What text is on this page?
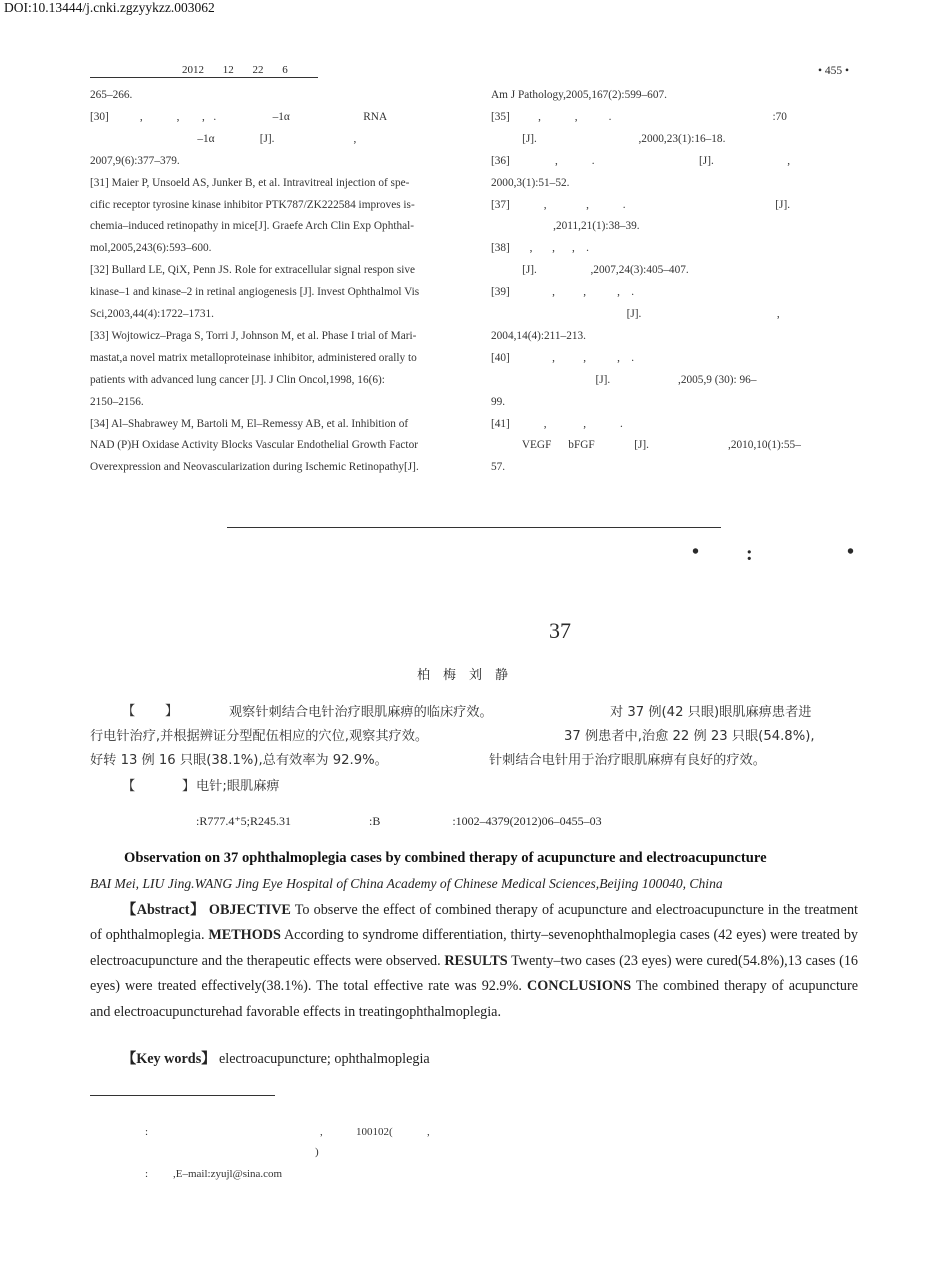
DOI:10.13444/j.cnki.zgzyykzz.003062
2012 12 22 6	• 455 •
265–266.
[30]           ,            ,        ,   .                    –1α                          RNA
–1α                [J].                            ,
2007,9(6):377–379.
[31] Maier P, Unsoeld AS, Junker B, et al. Intravitreal injection of spe-
cific receptor tyrosine kinase inhibitor PTK787/ZK222584 improves is-
chemia–induced retinopathy in mice[J]. Graefe Arch Clin Exp Ophthal-
mol,2005,243(6):593–600.
[32] Bullard LE, QiX, Penn JS. Role for extracellular signal respon sive
kinase–1 and kinase–2 in retinal angiogenesis [J]. Invest Ophthalmol Vis
Sci,2003,44(4):1722–1731.
[33] Wojtowicz–Praga S, Torri J, Johnson M, et al. Phase I trial of Mari-
mastat,a novel matrix metalloproteinase inhibitor, administered orally to
patients with advanced lung cancer [J]. J Clin Oncol,1998, 16(6):
2150–2156.
[34] Al–Shabrawey M, Bartoli M, El–Remessy AB, et al. Inhibition of
NAD (P)H Oxidase Activity Blocks Vascular Endothelial Growth Factor
Overexpression and Neovascularization during Ischemic Retinopathy[J].
Am J Pathology,2005,167(2):599–607.
[35]          ,            ,           .                                                         :70
[J].                                    ,2000,23(1):16–18.
[36]                ,            .                                     [J].                          ,
2000,3(1):51–52.
[37]            ,              ,            .                                                     [J].
,2011,21(1):38–39.
[38]       ,       ,      ,    .
[J].                   ,2007,24(3):405–407.
[39]               ,          ,           ,    .
[J].                                                ,
2004,14(4):211–213.
[40]               ,          ,           ,    .
[J].                        ,2005,9 (30): 96–
99.
[41]            ,             ,            .
VEGF      bFGF              [J].                            ,2010,10(1):55–
57.
• :	•
37
柏梅刘静
【 】	观察针刺结合电针治疗眼肌麻痹的临床疗效。	对 37 例(42 只眼)眼肌麻痹患者进
行电针治疗,并根据辨证分型配伍相应的穴位,观察其疗效。	37 例患者中,治愈 22 例 23 只眼(54.8%),
好转 13 例 16 只眼(38.1%),总有效率为 92.9%。	针刺结合电针用于治疗眼肌麻痹有良好的疗效。
【	】 电针;眼肌麻痹
:R777.4⁺5;R245.31                          :B                        :1002–4379(2012)06–0455–03
Observation on 37 ophthalmoplegia cases by combined therapy of acupuncture and electroacupuncture
BAI Mei, LIU Jing.WANG Jing Eye Hospital of China Academy of Chinese Medical Sciences,Beijing 100040, China

【Abstract】 OBJECTIVE To observe the effect of combined therapy of acupuncture and electroacupuncture in the treatment of ophthalmoplegia. METHODS According to syndrome differentiation, thirty–sevenophthalmoplegia cases (42 eyes) were treated by electroacupuncture and the therapeutic effects were observed. RESULTS Twenty–two cases (23 eyes) were cured(54.8%),13 cases (16 eyes) were treated effectively(38.1%). The total effective rate was 92.9%. CONCLUSIONS The combined therapy of acupuncture and electroacupuncturehad favorable effects in treatingophthalmoplegia.

【Key words】 electroacupuncture; ophthalmoplegia
:	,	100102(	,
)
: ,E–mail:zyujl@sina.com
